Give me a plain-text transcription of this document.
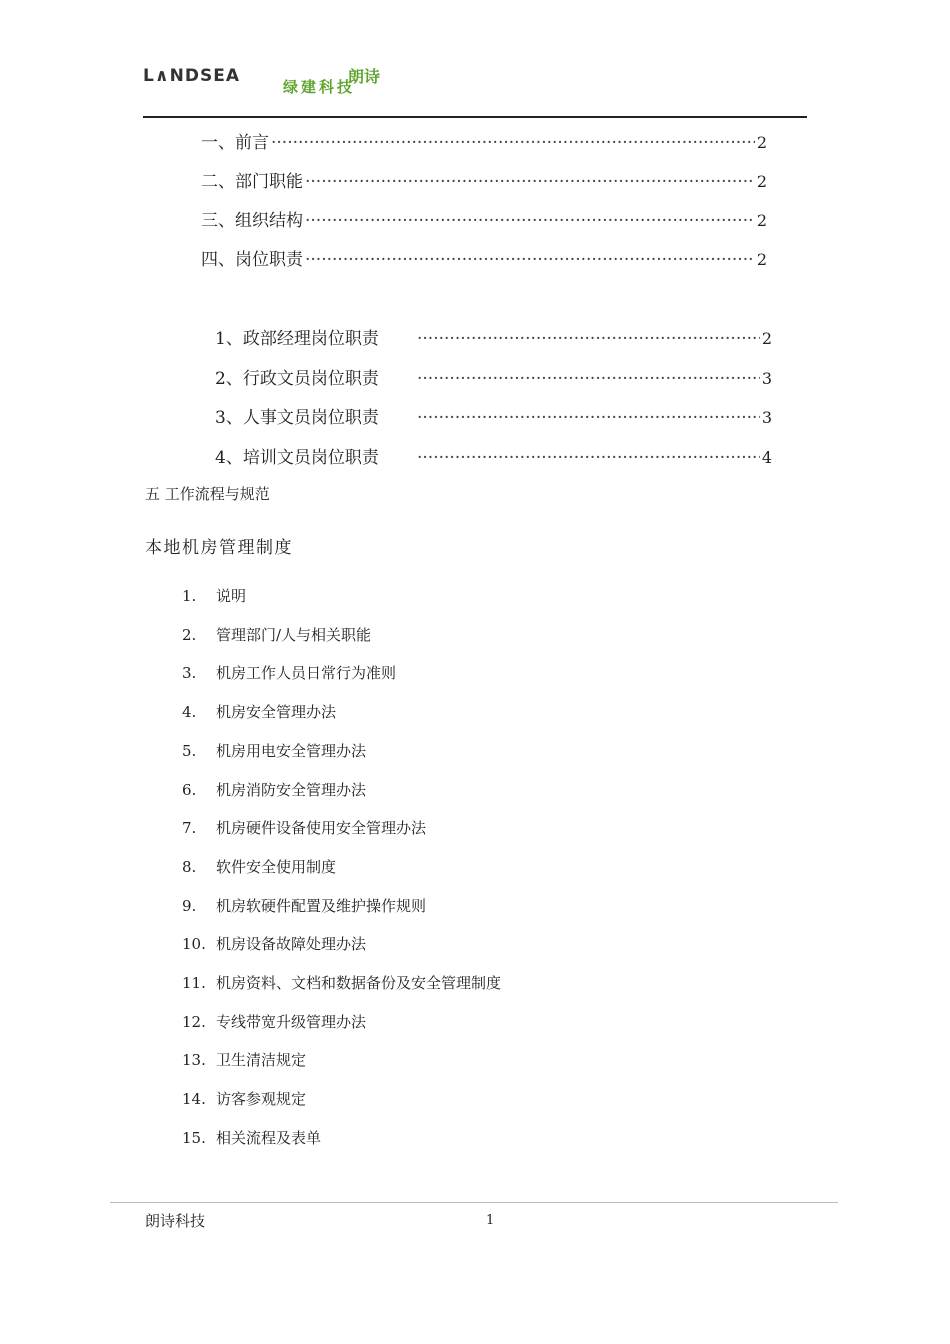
L∧NDSEA	朗诗
绿建科技
一、前言 ·····	2
二、部门职能 ·····	2
三、组织结构 ·····	2
四、岗位职责 ·····	2
1、政部经理岗位职责 ·····	2
2、行政文员岗位职责 ·····	3
3、人事文员岗位职责 ·····	3
4、培训文员岗位职责 ·····	4
五 工作流程与规范
本地机房管理制度
1. 说明
2. 管理部门/人与相关职能
3. 机房工作人员日常行为准则
4. 机房安全管理办法
5. 机房用电安全管理办法
6. 机房消防安全管理办法
7. 机房硬件设备使用安全管理办法
8. 软件安全使用制度
9. 机房软硬件配置及维护操作规则
10. 机房设备故障处理办法
11. 机房资料、文档和数据备份及安全管理制度
12. 专线带宽升级管理办法
13. 卫生清洁规定
14. 访客参观规定
15. 相关流程及表单
朗诗科技	1
